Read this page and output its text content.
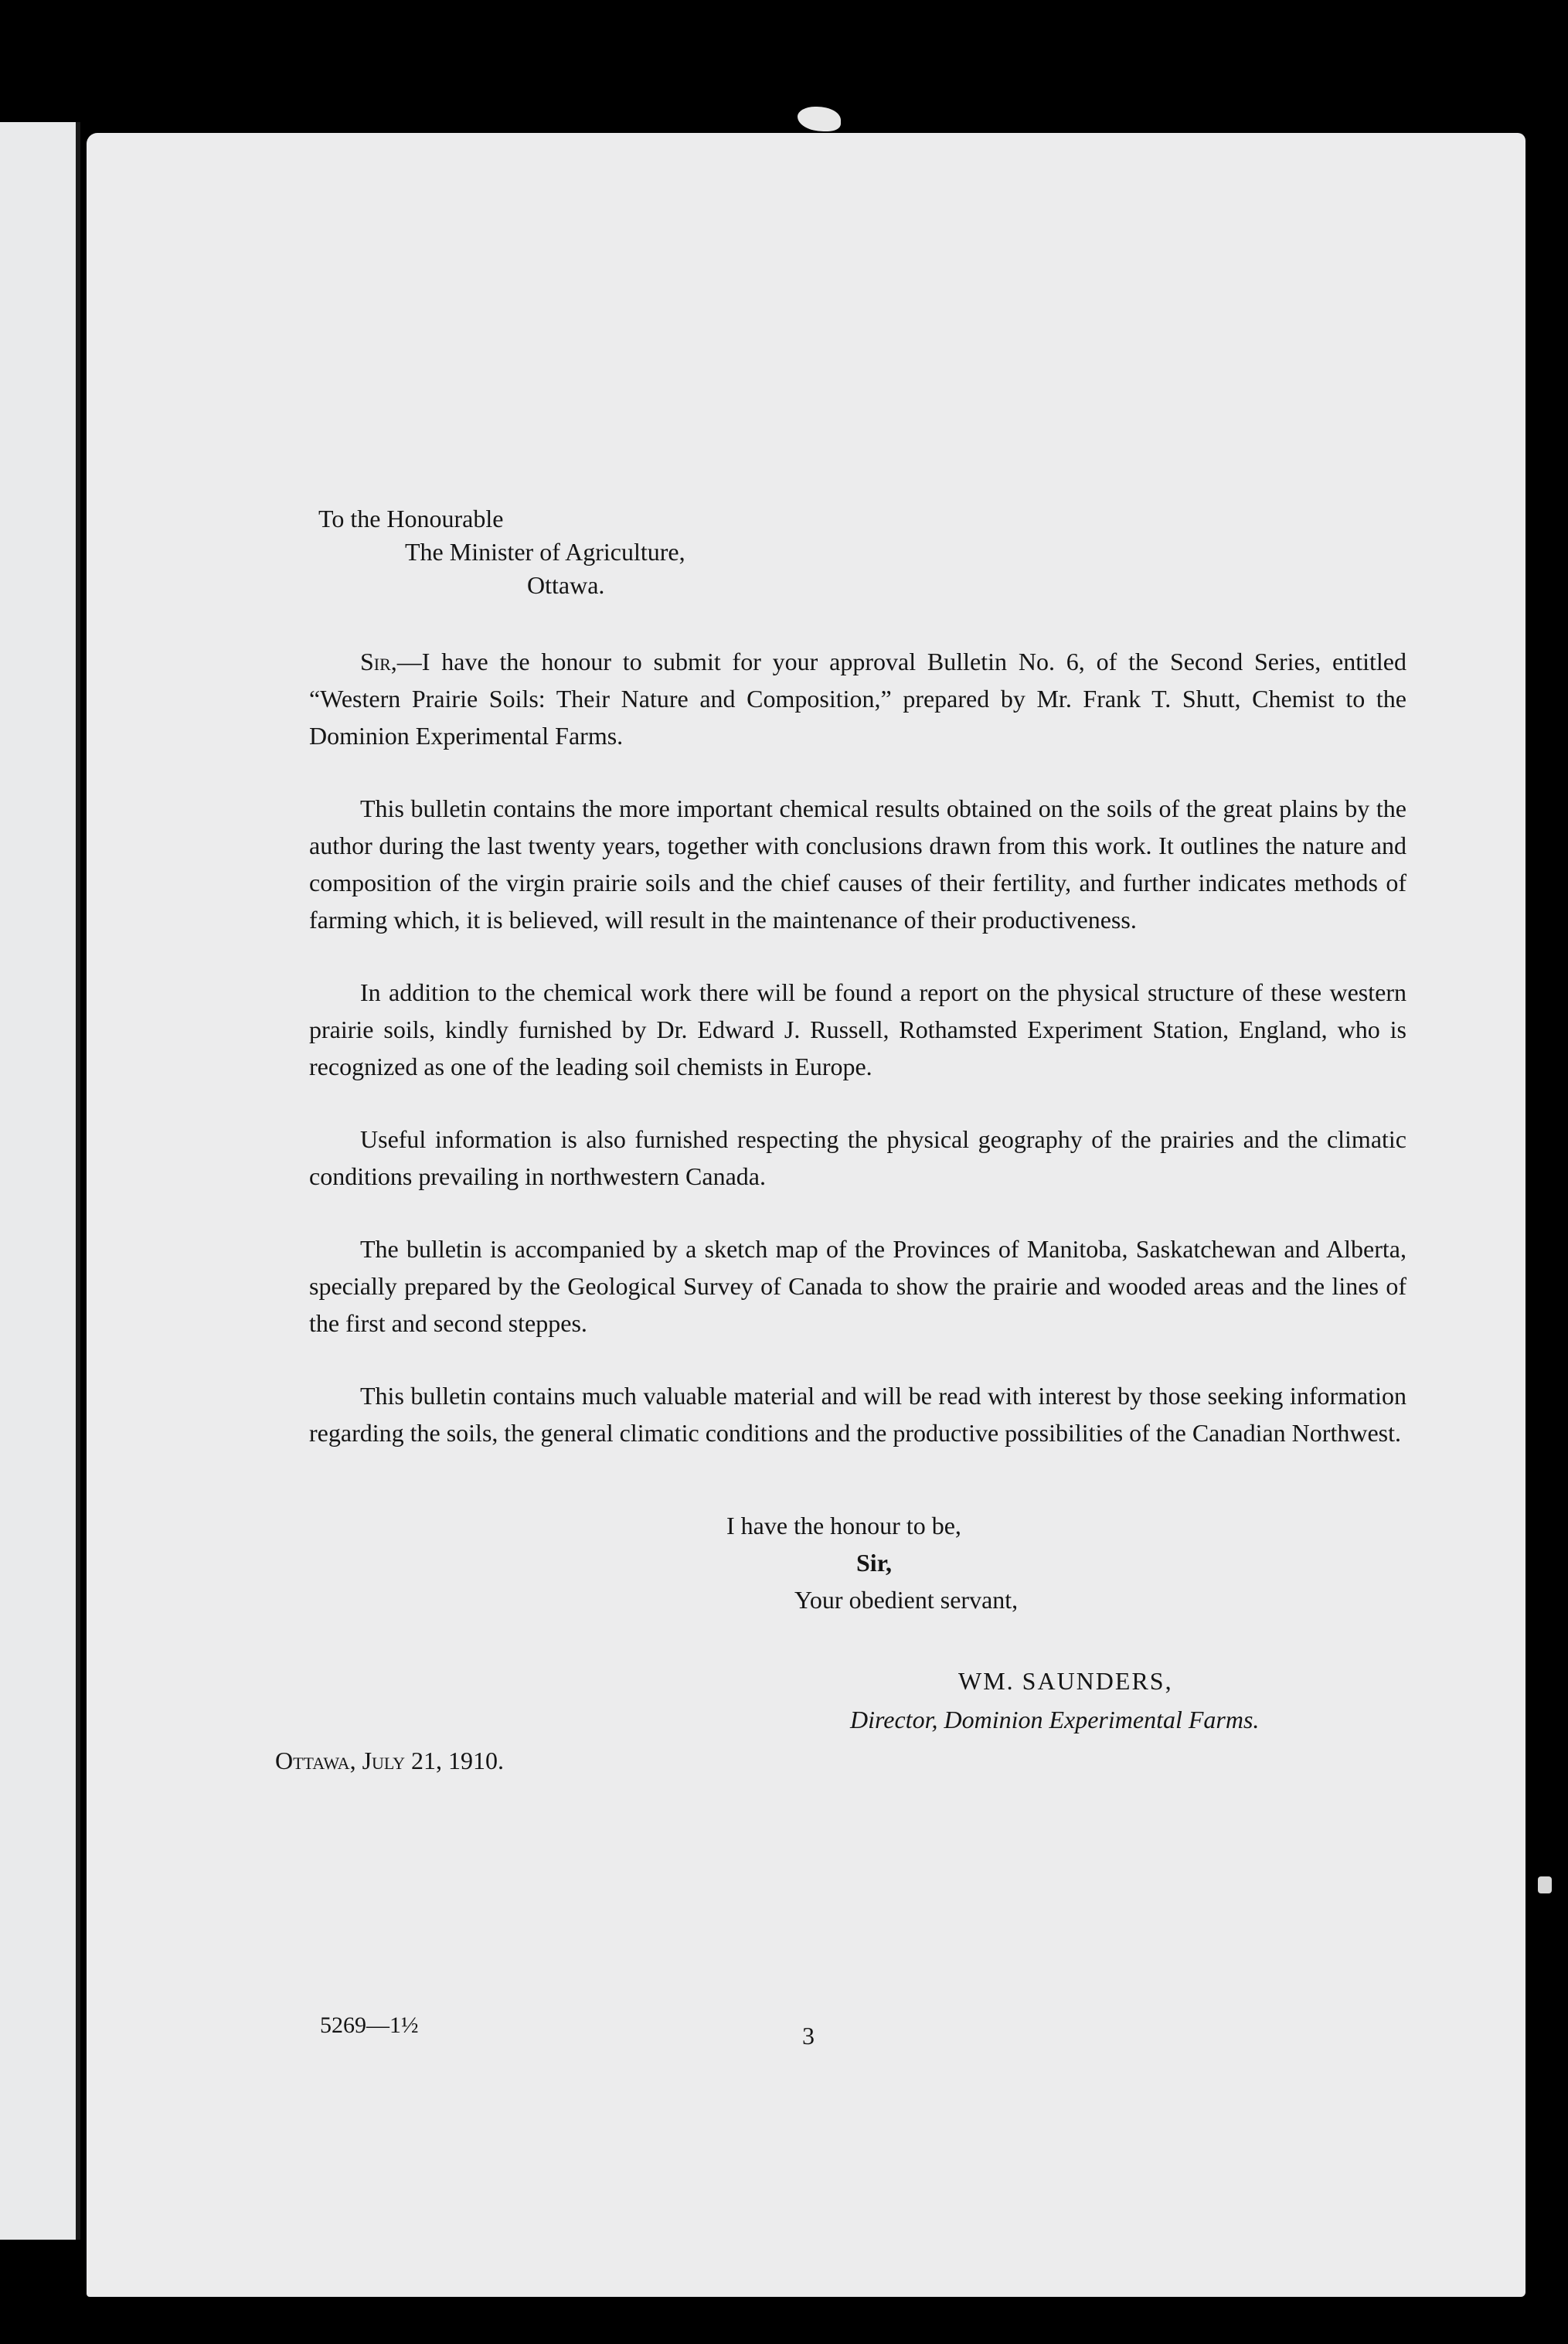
To the Honourable
The Minister of Agriculture,
Ottawa.

Sir,—I have the honour to submit for your approval Bulletin No. 6, of the Second Series, entitled “Western Prairie Soils: Their Nature and Composition,” prepared by Mr. Frank T. Shutt, Chemist to the Dominion Experimental Farms.

This bulletin contains the more important chemical results obtained on the soils of the great plains by the author during the last twenty years, together with conclusions drawn from this work. It outlines the nature and composition of the virgin prairie soils and the chief causes of their fertility, and further indicates methods of farming which, it is believed, will result in the maintenance of their productiveness.

In addition to the chemical work there will be found a report on the physical structure of these western prairie soils, kindly furnished by Dr. Edward J. Russell, Rothamsted Experiment Station, England, who is recognized as one of the leading soil chemists in Europe.

Useful information is also furnished respecting the physical geography of the prairies and the climatic conditions prevailing in northwestern Canada.

The bulletin is accompanied by a sketch map of the Provinces of Manitoba, Saskatchewan and Alberta, specially prepared by the Geological Survey of Canada to show the prairie and wooded areas and the lines of the first and second steppes.

This bulletin contains much valuable material and will be read with interest by those seeking information regarding the soils, the general climatic conditions and the productive possibilities of the Canadian Northwest.

I have the honour to be,
Sir,
Your obedient servant,
WM. SAUNDERS,
Director, Dominion Experimental Farms.
Ottawa, July 21, 1910.
5269—1½	3
